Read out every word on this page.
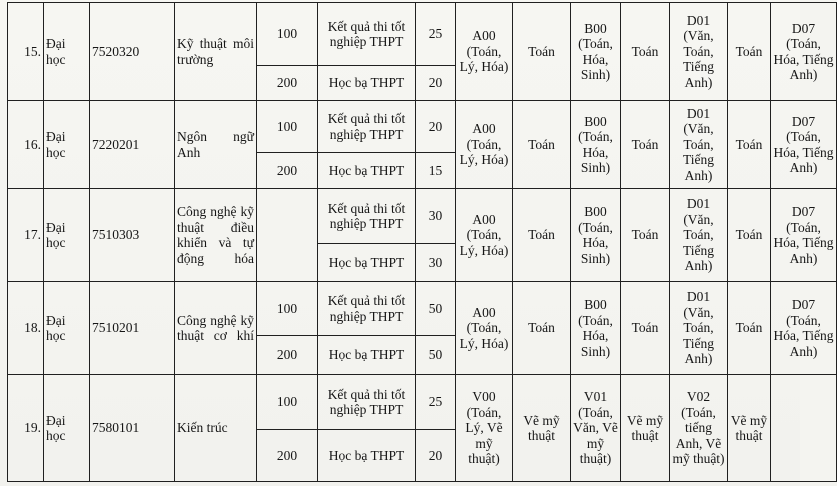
15.	Đại học	7520320	Kỹ thuật môi trường	100	Kết quả thi tốt nghiệp THPT	25	A00 (Toán, Lý, Hóa)	Toán	B00 (Toán, Hóa, Sinh)	Toán	D01 (Văn, Toán, Tiếng Anh)	Toán	D07 (Toán, Hóa, Tiếng Anh)	
				200	Học bạ THPT	20								
16.	Đại học	7220201	Ngôn ngữ Anh	100	Kết quả thi tốt nghiệp THPT	20	A00 (Toán, Lý, Hóa)	Toán	B00 (Toán, Hóa, Sinh)	Toán	D01 (Văn, Toán, Tiếng Anh)	Toán	D07 (Toán, Hóa, Tiếng Anh)	
				200	Học bạ THPT	15								
17.	Đại học	7510303	Công nghệ kỹ thuật điều khiển và tự động hóa		Kết quả thi tốt nghiệp THPT	30	A00 (Toán, Lý, Hóa)	Toán	B00 (Toán, Hóa, Sinh)	Toán	D01 (Văn, Toán, Tiếng Anh)	Toán	D07 (Toán, Hóa, Tiếng Anh)	
					Học bạ THPT	30								
18.	Đại học	7510201	Công nghệ kỹ thuật cơ khí	100	Kết quả thi tốt nghiệp THPT	50	A00 (Toán, Lý, Hóa)	Toán	B00 (Toán, Hóa, Sinh)	Toán	D01 (Văn, Toán, Tiếng Anh)	Toán	D07 (Toán, Hóa, Tiếng Anh)	
				200	Học bạ THPT	50								
19.	Đại học	7580101	Kiến trúc	100	Kết quả thi tốt nghiệp THPT	25	V00 (Toán, Lý, Vẽ mỹ thuật)	Vẽ mỹ thuật	V01 (Toán, Văn, Vẽ mỹ thuật)	Vẽ mỹ thuật	V02 (Toán, tiếng Anh, Vẽ mỹ thuật)	Vẽ mỹ thuật		
				200	Học bạ THPT	20								
